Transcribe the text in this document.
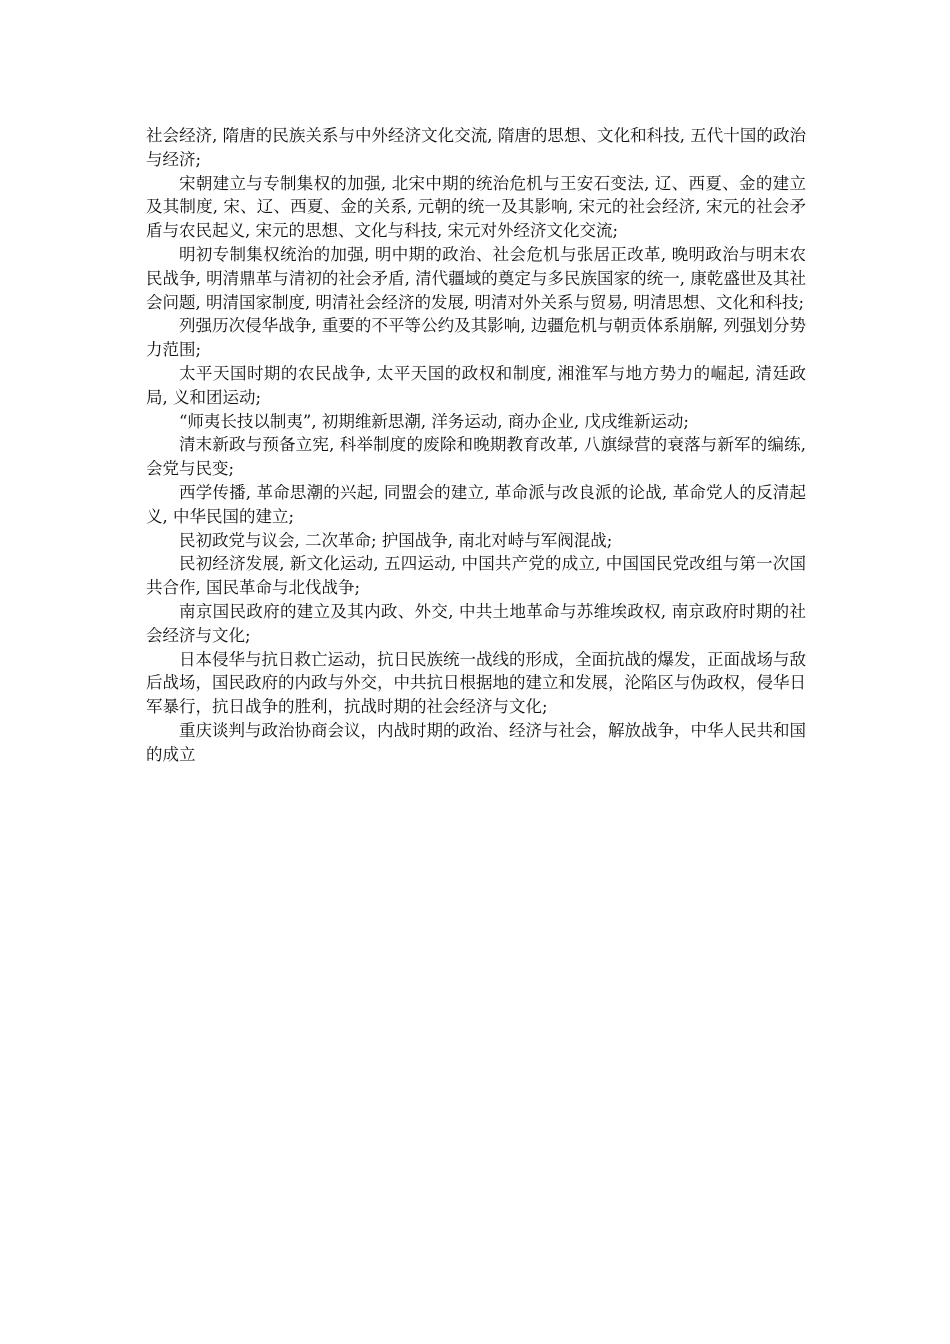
社会经济, 隋唐的民族关系与中外经济文化交流, 隋唐的思想、文化和科技, 五代十国的政治与经济;

宋朝建立与专制集权的加强, 北宋中期的统治危机与王安石变法, 辽、西夏、金的建立及其制度, 宋、辽、西夏、金的关系, 元朝的统一及其影响, 宋元的社会经济, 宋元的社会矛盾与农民起义, 宋元的思想、文化与科技, 宋元对外经济文化交流;

明初专制集权统治的加强, 明中期的政治、社会危机与张居正改革, 晚明政治与明末农民战争, 明清鼎革与清初的社会矛盾, 清代疆域的奠定与多民族国家的统一, 康乾盛世及其社会问题, 明清国家制度, 明清社会经济的发展, 明清对外关系与贸易, 明清思想、文化和科技;

列强历次侵华战争, 重要的不平等公约及其影响, 边疆危机与朝贡体系崩解, 列强划分势力范围;

太平天国时期的农民战争, 太平天国的政权和制度, 湘淮军与地方势力的崛起, 清廷政局, 义和团运动;

“师夷长技以制夷”, 初期维新思潮, 洋务运动, 商办企业, 戊戌维新运动;

清末新政与预备立宪, 科举制度的废除和晚期教育改革, 八旗绿营的衰落与新军的编练, 会党与民变;

西学传播, 革命思潮的兴起, 同盟会的建立, 革命派与改良派的论战, 革命党人的反清起义, 中华民国的建立;

民初政党与议会, 二次革命; 护国战争, 南北对峙与军阀混战;

民初经济发展, 新文化运动, 五四运动, 中国共产党的成立, 中国国民党改组与第一次国共合作, 国民革命与北伐战争;

南京国民政府的建立及其内政、外交, 中共土地革命与苏维埃政权, 南京政府时期的社会经济与文化;

日本侵华与抗日救亡运动，抗日民族统一战线的形成，全面抗战的爆发，正面战场与敌后战场，国民政府的内政与外交，中共抗日根据地的建立和发展，沦陷区与伪政权，侵华日军暴行，抗日战争的胜利，抗战时期的社会经济与文化;

重庆谈判与政治协商会议，内战时期的政治、经济与社会，解放战争，中华人民共和国的成立
